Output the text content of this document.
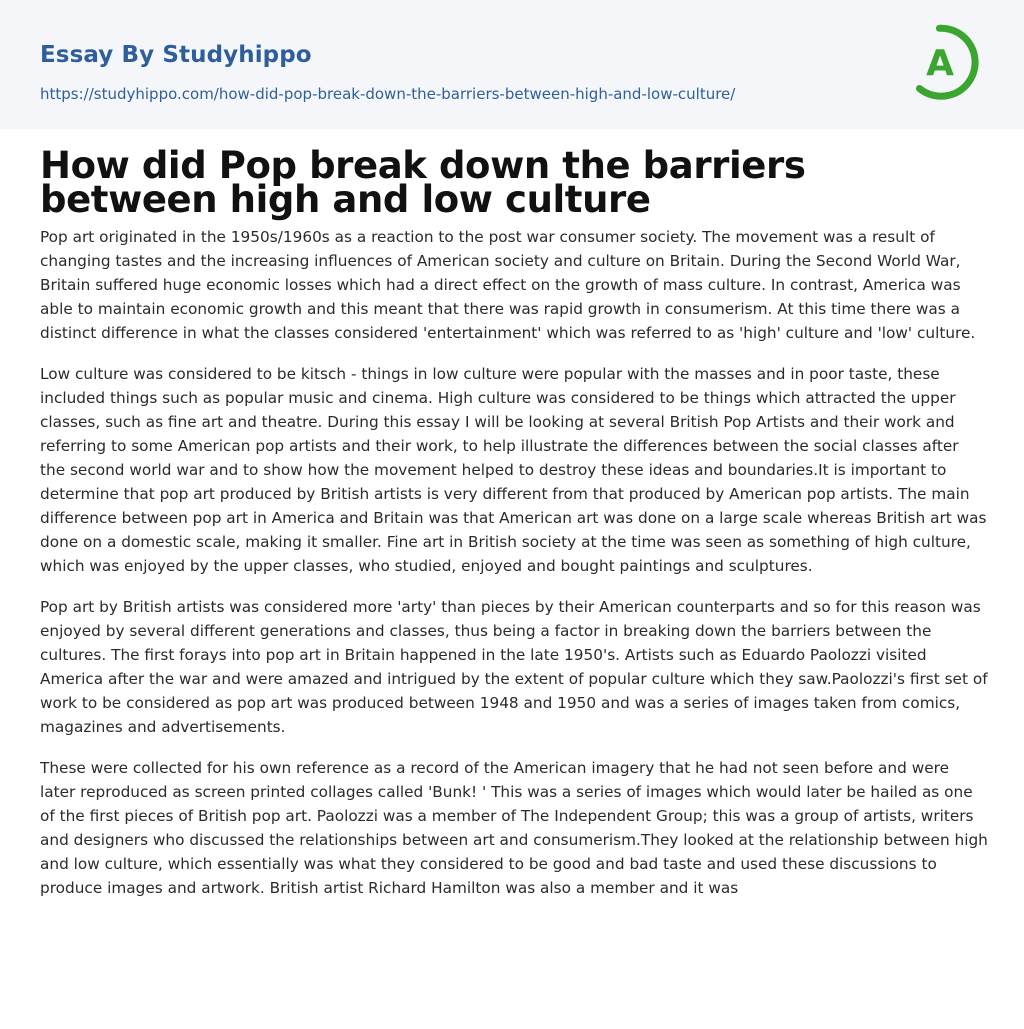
Essay By Studyhippo
https://studyhippo.com/how-did-pop-break-down-the-barriers-between-high-and-low-culture/
A
How did Pop break down the barriers between high and low culture

Pop art originated in the 1950s/1960s as a reaction to the post war consumer society. The movement was a result of changing tastes and the increasing influences of American society and culture on Britain. During the Second World War, Britain suffered huge economic losses which had a direct effect on the growth of mass culture. In contrast, America was able to maintain economic growth and this meant that there was rapid growth in consumerism. At this time there was a distinct difference in what the classes considered 'entertainment' which was referred to as 'high' culture and 'low' culture.

Low culture was considered to be kitsch - things in low culture were popular with the masses and in poor taste, these included things such as popular music and cinema. High culture was considered to be things which attracted the upper classes, such as fine art and theatre. During this essay I will be looking at several British Pop Artists and their work and referring to some American pop artists and their work, to help illustrate the differences between the social classes after the second world war and to show how the movement helped to destroy these ideas and boundaries.It is important to determine that pop art produced by British artists is very different from that produced by American pop artists. The main difference between pop art in America and Britain was that American art was done on a large scale whereas British art was done on a domestic scale, making it smaller. Fine art in British society at the time was seen as something of high culture, which was enjoyed by the upper classes, who studied, enjoyed and bought paintings and sculptures.

Pop art by British artists was considered more 'arty' than pieces by their American counterparts and so for this reason was enjoyed by several different generations and classes, thus being a factor in breaking down the barriers between the cultures. The first forays into pop art in Britain happened in the late 1950's. Artists such as Eduardo Paolozzi visited America after the war and were amazed and intrigued by the extent of popular culture which they saw.Paolozzi's first set of work to be considered as pop art was produced between 1948 and 1950 and was a series of images taken from comics, magazines and advertisements.

These were collected for his own reference as a record of the American imagery that he had not seen before and were later reproduced as screen printed collages called 'Bunk! ' This was a series of images which would later be hailed as one of the first pieces of British pop art. Paolozzi was a member of The Independent Group; this was a group of artists, writers and designers who discussed the relationships between art and consumerism.They looked at the relationship between high and low culture, which essentially was what they considered to be good and bad taste and used these discussions to produce images and artwork. British artist Richard Hamilton was also a member and it was
